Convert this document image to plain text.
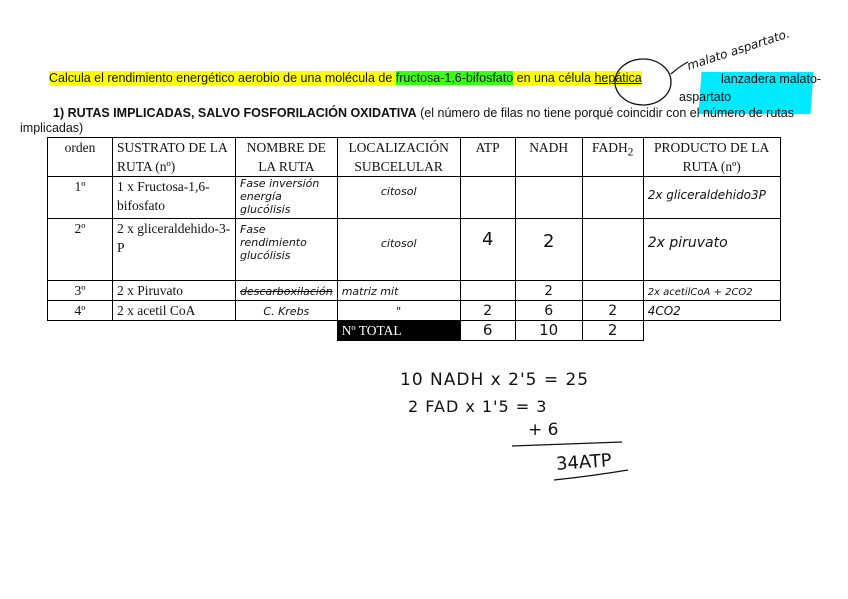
Calcula el rendimiento energético aerobio de una molécula de fructosa-1,6-bifosfato en una célula hepática	lanzadera malato-
aspartato
malato aspartato.
1) RUTAS IMPLICADAS, SALVO FOSFORILACIÓN OXIDATIVA (el número de filas no tiene porqué coincidir con el número de rutas
implicadas)
orden	SUSTRATO DE LA RUTA (nº)	NOMBRE DE LA RUTA	LOCALIZACIÓN SUBCELULAR	ATP	NADH	$FADH_2$	PRODUCTO DE LA RUTA (nº)
1º	1 x Fructosa-1,6-bifosfato	Fase inversión energía glucólisis	citosol				2x gliceraldehido3P
2º	2 x gliceraldehido-3-P	Fase rendimiento glucólisis	citosol	4	2		2x piruvato
3º	2 x Piruvato	descarboxilación	matriz mit		2		2x acetilCoA + 2CO2
4º	2 x acetil CoA	C. Krebs	"	2	6	2	4CO2
			Nº TOTAL	6	10	2	
10 NADH x 2'5 = 25
2 FAD x 1'5 = 3
+ 6
34ATP
